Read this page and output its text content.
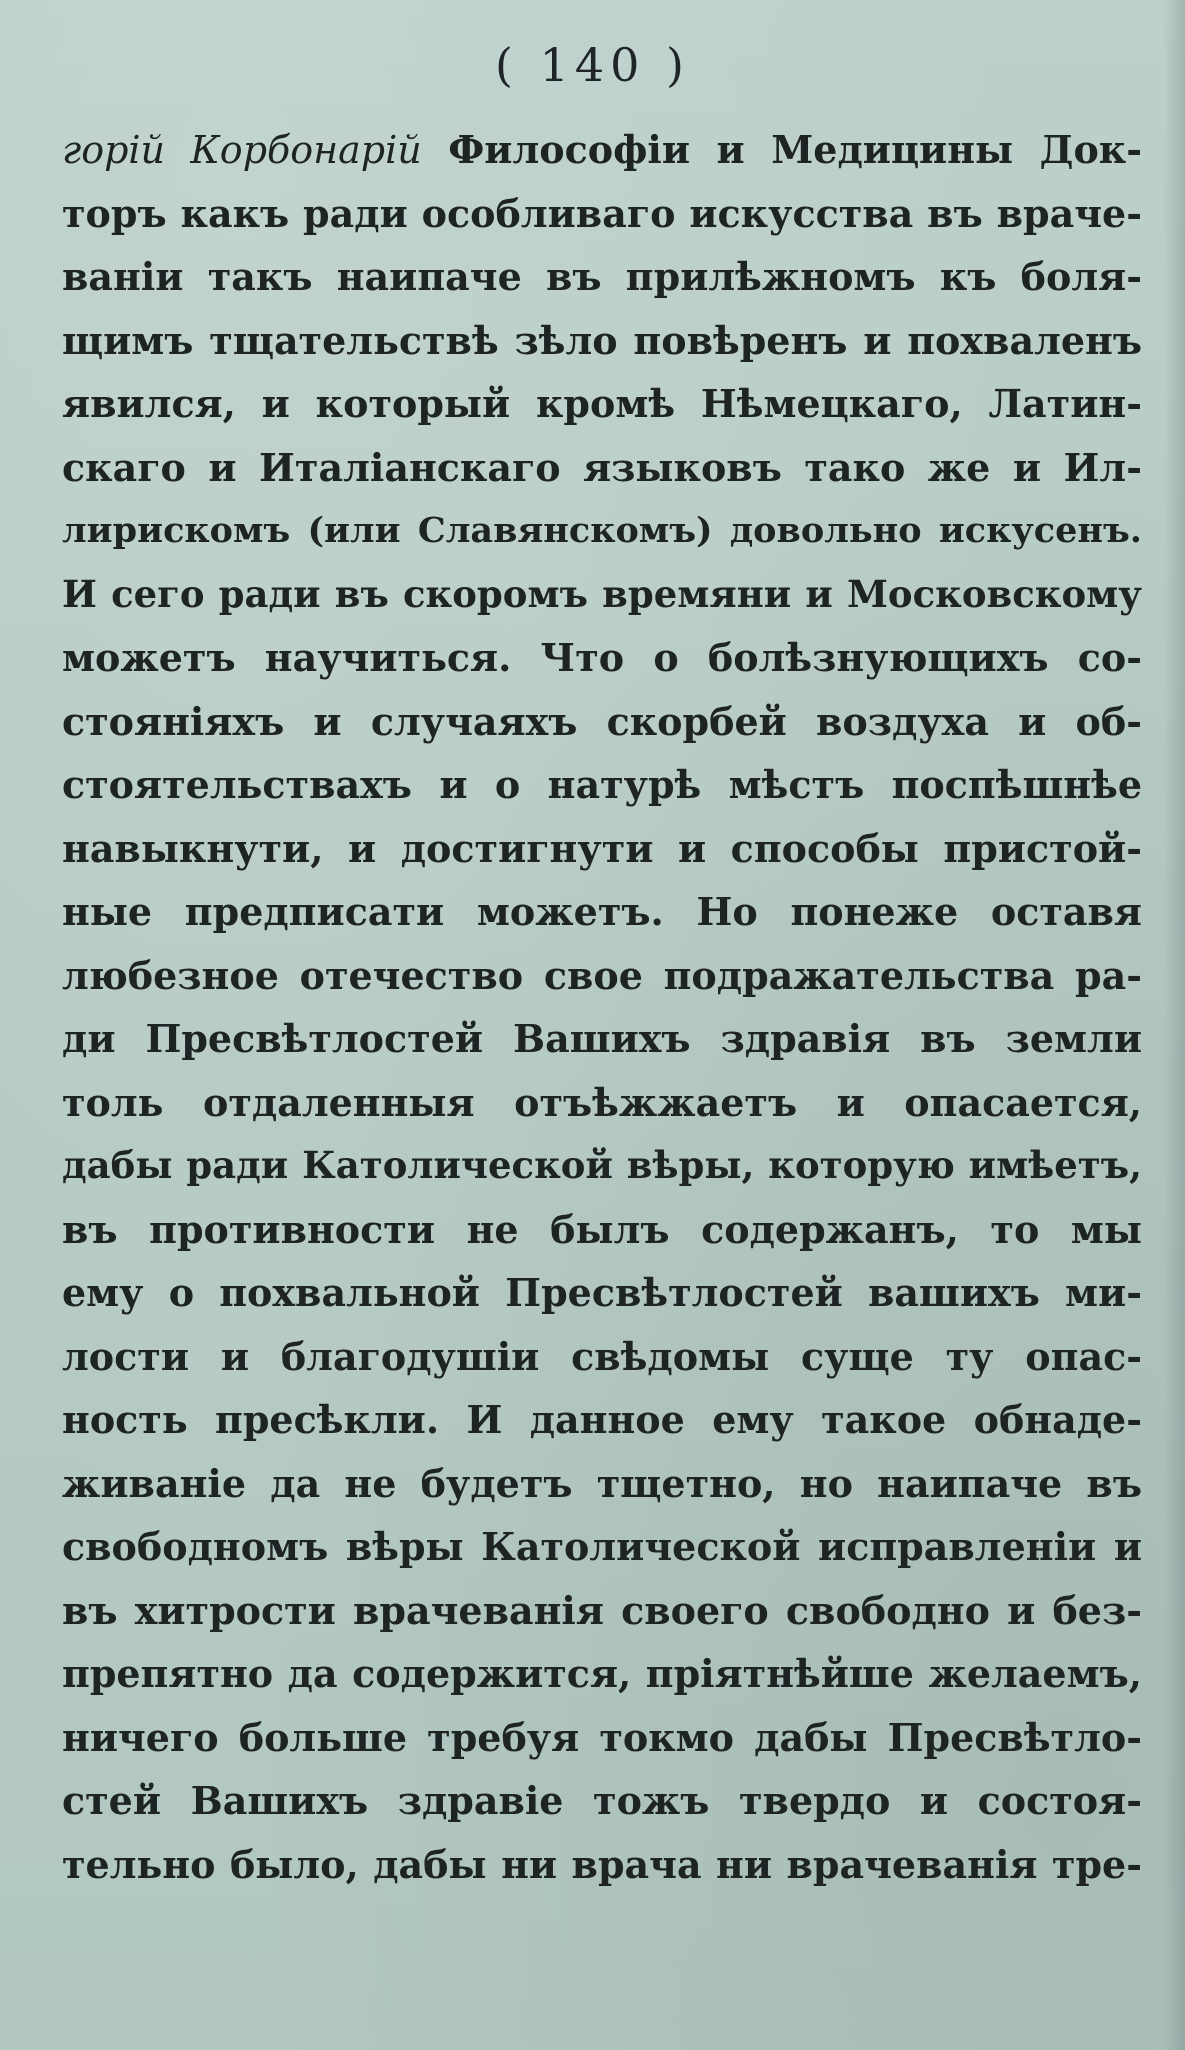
( 140 )
горій Корбонарій Философіи и Медицины Док-
торъ какъ ради особливаго искусства въ враче-
ваніи такъ наипаче въ прилѣжномъ къ боля-
щимъ тщательствѣ зѣло повѣренъ и похваленъ
явился, и который кромѣ Нѣмецкаго, Латин-
скаго и Италіанскаго языковъ тако же и Ил-
лирискомъ (или Славянскомъ) довольно искусенъ.
И сего ради въ скоромъ времяни и Московскому
можетъ научиться. Что о болѣзнующихъ со-
стояніяхъ и случаяхъ скорбей воздуха и об-
стоятельствахъ и о натурѣ мѣстъ поспѣшнѣе
навыкнути, и достигнути и способы пристой-
ные предписати можетъ. Но понеже оставя
любезное отечество свое подражательства ра-
ди Пресвѣтлостей Вашихъ здравія въ земли
толь отдаленныя отъѣжжаетъ и опасается,
дабы ради Католической вѣры, которую имѣетъ,
въ противности не былъ содержанъ, то мы
ему о похвальной Пресвѣтлостей вашихъ ми-
лости и благодушіи свѣдомы суще ту опас-
ность пресѣкли. И данное ему такое обнаде-
живаніе да не будетъ тщетно, но наипаче въ
свободномъ вѣры Католической исправленіи и
въ хитрости врачеванія своего свободно и без-
препятно да содержится, пріятнѣйше желаемъ,
ничего больше требуя токмо дабы Пресвѣтло-
стей Вашихъ здравіе тожъ твердо и состоя-
тельно было, дабы ни врача ни врачеванія тре-
